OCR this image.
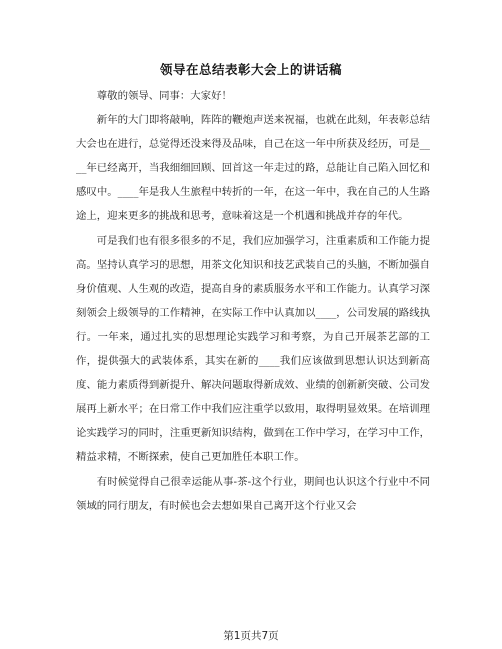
领导在总结表彰大会上的讲话稿

尊敬的领导、同事：大家好！

新年的大门即将敲响，阵阵的鞭炮声送来祝福，也就在此刻，年表彰总结大会也在进行，总觉得还没来得及品味，自己在这一年中所获及经历，可是____年已经离开，当我细细回顾、回首这一年走过的路，总能让自己陷入回忆和感叹中。____年是我人生旅程中转折的一年，在这一年中，我在自己的人生路途上，迎来更多的挑战和思考，意味着这是一个机遇和挑战并存的年代。

可是我们也有很多很多的不足，我们应加强学习，注重素质和工作能力提高。坚持认真学习的思想，用茶文化知识和技艺武装自己的头脑，不断加强自身价值观、人生观的改造，提高自身的素质服务水平和工作能力。认真学习深刻领会上级领导的工作精神，在实际工作中认真加以____，公司发展的路线执行。一年来，通过扎实的思想理论实践学习和考察，为自己开展茶艺部的工作，提供强大的武装体系，其实在新的____我们应该做到思想认识达到新高度、能力素质得到新提升、解决问题取得新成效、业绩的创新新突破、公司发展再上新水平；在日常工作中我们应注重学以致用，取得明显效果。在培训理论实践学习的同时，注重更新知识结构，做到在工作中学习，在学习中工作，精益求精，不断探索，使自己更加胜任本职工作。

有时候觉得自己很幸运能从事-茶-这个行业，期间也认识这个行业中不同领域的同行朋友，有时候也会去想如果自己离开这个行业又会

第1页共7页
